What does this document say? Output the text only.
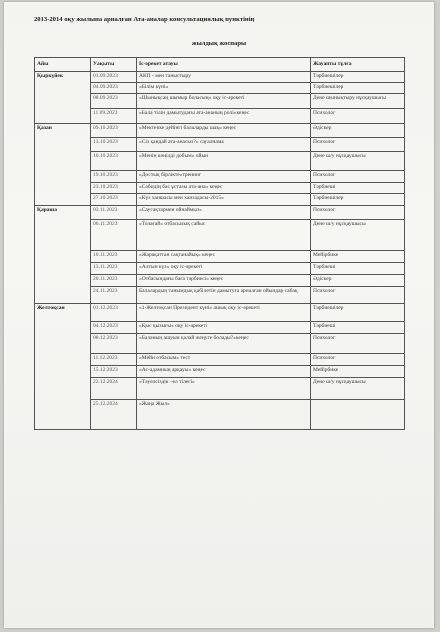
2013-2014 оқу жылына арналған Ата-аналар консультациялық пунктінің
жылдық жоспары
Айы	Уақыты	Іс-әрекет атауы	Жауапты тұлға
Қыркүйек	01.09.2023	АКП - мен таныстыру	Тәрбиешілер
	04.09.2023	«Білім күні»	Тәрбиешілер
	08.09.2023	«Шынықсаң шымыр боласың» оқу іс-әрекеті	Дене шынықтыру нұсқаушысы
	11.09.2023	«Бала тілін дамытудағы ата-ананың ролі»кеңес	Психолог
Қазан	09.10.2023	«Мектепке дейінгі балаларды шақ» кеңес	Әдіскер
	13.10.2023	«Сіз қандай ата-анасыз?» сауалнама	Психолог
	16.10.2023	«Менің көңілді добым» ойын	Дене ш/у нұсқаушысы
	19.10.2023	«Достық бірлікте»тренинг	Психолог
	23.10.2023	«Сәбидің бас ұстазы ата-ана» кеңес	Тәрбиеші
	27.10.2023	«Күз ханшасы мен ханзадасы-2015»	Тәрбиешілер
Қараша	03.11.2023	«Саусақтармен ойнаймыз»	Психолог
	06.11.2023	«Толағай» отбасылық сайыс	Дене ш/у нұсқаушысы
	10.11.2023	«Жарақаттан сақтанайық» кеңес	Мейірбике
	13.11.2023	«Алтын күз» оқу іс-әрекеті	Тәрбиеші
	20.11.2023	«Отбасындағы баға тәрбиесі» кеңес	Әдіскер
	24.11.2023	Балалардың танымдық қабілетін дамытуға арналған ойындар сабақ	Психолог
Желтоқсан	01.12.2023	«1-Желтоқсан Президент күні» ашық оқу іс-әрекеті	Тәрбиешілер
	04.12.2023	«Қыс қызығы» оқу іс-әрекеті	Тәрбиеші
	08.12.2023	«Баланың ашуын қалай жеңуге болады?»кеңес	Психолог
	11.12.2023	«Мейн отбасым» тест	Психолог
	15.12.2023	«Ас-адамның арқауы» кеңес	Мейірбике
	22.12.2024	«Тәуелсіздік –ел тілегі»	Дене ш/у нұсқаушысы
	25.12.2024	«Жаңа Жыл»	
